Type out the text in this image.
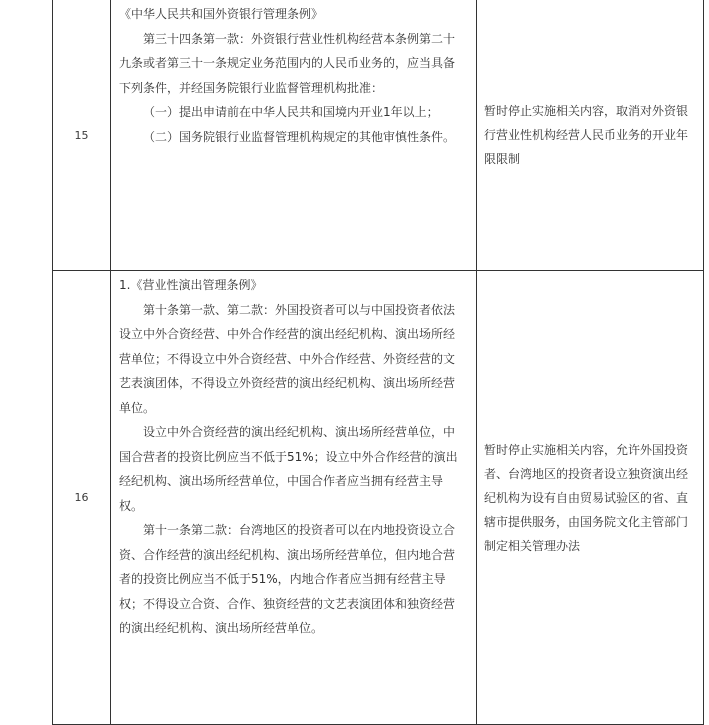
15	《中华人民共和国外资银行管理条例》

第三十四条第一款：外资银行营业性机构经营本条例第二十九条或者第三十一条规定业务范围内的人民币业务的，应当具备下列条件，并经国务院银行业监督管理机构批准：

（一）提出申请前在中华人民共和国境内开业1年以上；

（二）国务院银行业监督管理机构规定的其他审慎性条件。	暂时停止实施相关内容，取消对外资银行营业性机构经营人民币业务的开业年限限制
16	1.《营业性演出管理条例》

第十条第一款、第二款：外国投资者可以与中国投资者依法设立中外合资经营、中外合作经营的演出经纪机构、演出场所经营单位；不得设立中外合资经营、中外合作经营、外资经营的文艺表演团体，不得设立外资经营的演出经纪机构、演出场所经营单位。

设立中外合资经营的演出经纪机构、演出场所经营单位，中国合营者的投资比例应当不低于51%；设立中外合作经营的演出经纪机构、演出场所经营单位，中国合作者应当拥有经营主导权。

第十一条第二款：台湾地区的投资者可以在内地投资设立合资、合作经营的演出经纪机构、演出场所经营单位，但内地合营者的投资比例应当不低于51%，内地合作者应当拥有经营主导权；不得设立合资、合作、独资经营的文艺表演团体和独资经营的演出经纪机构、演出场所经营单位。	暂时停止实施相关内容，允许外国投资者、台湾地区的投资者设立独资演出经纪机构为设有自由贸易试验区的省、直辖市提供服务，由国务院文化主管部门制定相关管理办法
